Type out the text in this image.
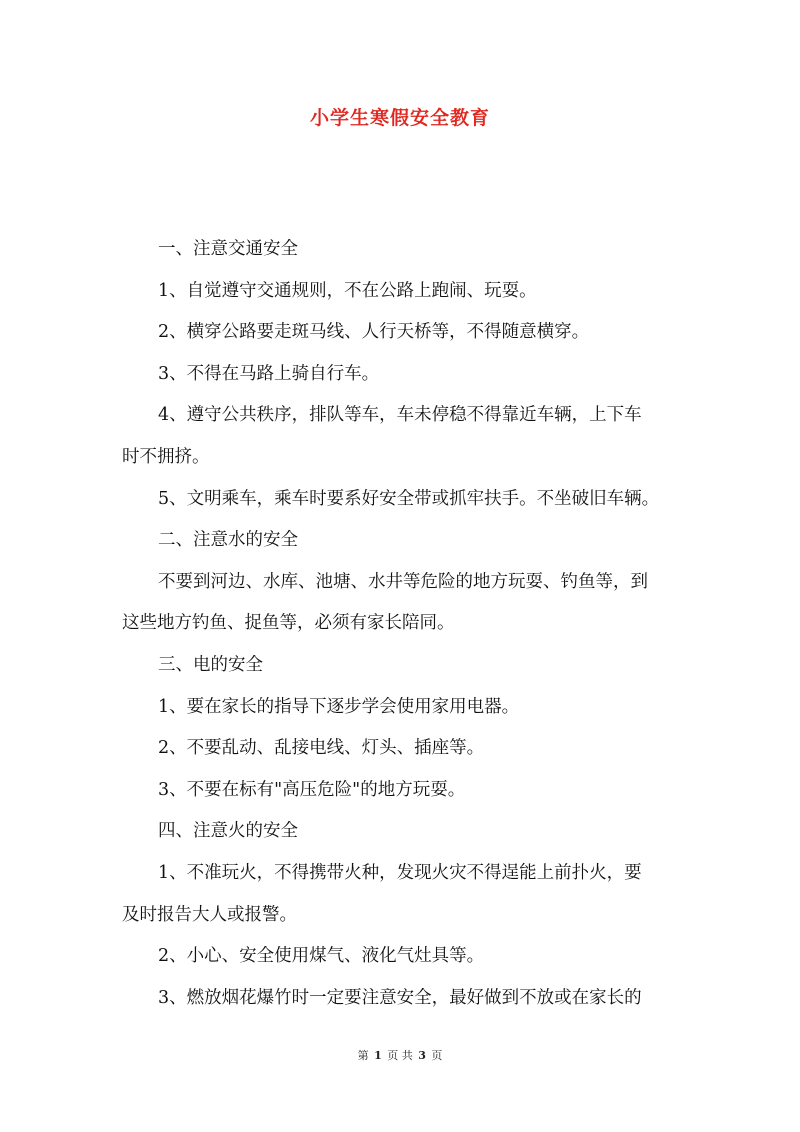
小学生寒假安全教育

一、注意交通安全

1、自觉遵守交通规则，不在公路上跑闹、玩耍。

2、横穿公路要走斑马线、人行天桥等，不得随意横穿。

3、不得在马路上骑自行车。

4、遵守公共秩序，排队等车，车未停稳不得靠近车辆，上下车

时不拥挤。

5、文明乘车，乘车时要系好安全带或抓牢扶手。不坐破旧车辆。

二、注意水的安全

不要到河边、水库、池塘、水井等危险的地方玩耍、钓鱼等，到

这些地方钓鱼、捉鱼等，必须有家长陪同。

三、电的安全

1、要在家长的指导下逐步学会使用家用电器。

2、不要乱动、乱接电线、灯头、插座等。

3、不要在标有"高压危险"的地方玩耍。

四、注意火的安全

1、不准玩火，不得携带火种，发现火灾不得逞能上前扑火，要

及时报告大人或报警。

2、小心、安全使用煤气、液化气灶具等。

3、燃放烟花爆竹时一定要注意安全，最好做到不放或在家长的

第 1 页 共 3 页
